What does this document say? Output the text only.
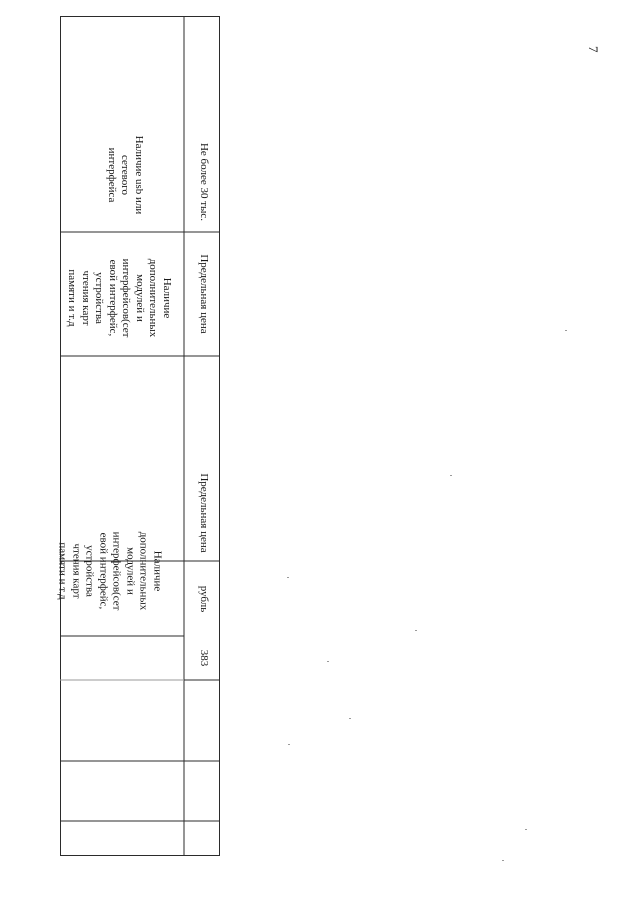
7
Наличие
дополнительных
модулей и
интерфейсов(сет
евой интерфейс,
устройства
чтения карт
памяти и т.д
Наличие
дополнительных
модулей и
интерфейсов(сет
евой интерфейс,
устройства
чтения карт
памяти и т.д
Наличие usb или
сетевого
интерфейса
383
рубль
Предельная цена
Предельная цена
Не более 30 тыс.
